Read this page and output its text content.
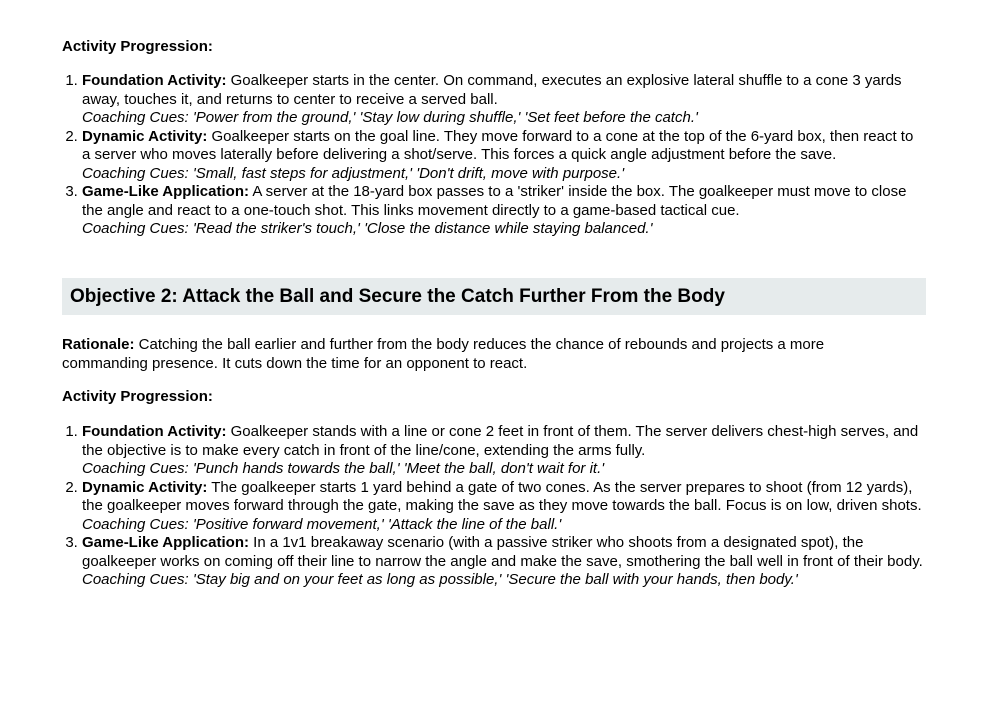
Activity Progression:

1. Foundation Activity: Goalkeeper starts in the center. On command, executes an explosive lateral shuffle to a cone 3 yards away, touches it, and returns to center to receive a served ball.
Coaching Cues: 'Power from the ground,' 'Stay low during shuffle,' 'Set feet before the catch.'
2. Dynamic Activity: Goalkeeper starts on the goal line. They move forward to a cone at the top of the 6-yard box, then react to a server who moves laterally before delivering a shot/serve. This forces a quick angle adjustment before the save.
Coaching Cues: 'Small, fast steps for adjustment,' 'Don't drift, move with purpose.'
3. Game-Like Application: A server at the 18-yard box passes to a 'striker' inside the box. The goalkeeper must move to close the angle and react to a one-touch shot. This links movement directly to a game-based tactical cue.
Coaching Cues: 'Read the striker's touch,' 'Close the distance while staying balanced.'
Objective 2: Attack the Ball and Secure the Catch Further From the Body

Rationale: Catching the ball earlier and further from the body reduces the chance of rebounds and projects a more commanding presence. It cuts down the time for an opponent to react.

Activity Progression:

1. Foundation Activity: Goalkeeper stands with a line or cone 2 feet in front of them. The server delivers chest-high serves, and the objective is to make every catch in front of the line/cone, extending the arms fully.
Coaching Cues: 'Punch hands towards the ball,' 'Meet the ball, don't wait for it.'
2. Dynamic Activity: The goalkeeper starts 1 yard behind a gate of two cones. As the server prepares to shoot (from 12 yards), the goalkeeper moves forward through the gate, making the save as they move towards the ball. Focus is on low, driven shots.
Coaching Cues: 'Positive forward movement,' 'Attack the line of the ball.'
3. Game-Like Application: In a 1v1 breakaway scenario (with a passive striker who shoots from a designated spot), the goalkeeper works on coming off their line to narrow the angle and make the save, smothering the ball well in front of their body.
Coaching Cues: 'Stay big and on your feet as long as possible,' 'Secure the ball with your hands, then body.'
